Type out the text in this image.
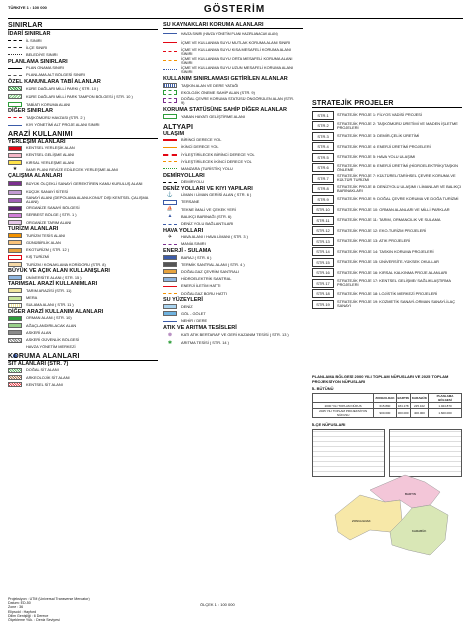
TÜRKİYE 1 : 100 000	GÖSTERİM
SINIRLAR
İDARİ SINIRLAR
İL SINIRI
İLÇE SINIRI
BELEDİYE SINIRI
PLANLAMA SINIRLARI
PLAN ONAMA SINIRI
PLANLAMA ALT BÖLGESİ SINIRI
ÖZEL KANUNLARA TABİ ALANLAR
KÜRE DAĞLARI MİLLİ PARKI ( STR. 10 )
KÜRE DAĞLARI MİLLİ PARK TAMPON BÖLGESİ ( STR. 10 )
TABİATI KORUMA ALANI
DİĞER SINIRLAR
TAŞKÖMÜRÜ HAVZASI (STR. 2 )
KIYI YÖNETİMİ ALT PROJE ALANI SINIRI
ARAZİ KULLANIMI
YERLEŞİM ALANLARI
KENTSEL YERLEŞİK ALAN
KENTSEL GELİŞME ALANI
KIRSAL YERLEŞME ALANI
★	İMAR PLANI REVİZE EDİLECEK YERLEŞME ALANI
ÇALIŞMA ALANLARI
BÜYÜK ÖLÇEKLİ SANAYİ GEREKTİREN KAMU KURULUŞ ALANI
KÜÇÜK SANAYİ SİTESİ
SANAYİ ALANI (DEPOLAMA ALANI-KONUT DIŞI KENTSEL ÇALIŞMA ALANI)
ORGANİZE SANAYİ BÖLGESİ
SERBEST BÖLGE ( STR. 1 )
ORGANİZE TARIM ALANI
TURİZM ALANLARI
TURİZM TESİS ALANI
GÜNÜBİRLİK ALAN
EKOTURİZM ( STR. 12 )
KIŞ TURİZMİ
TURİZM / KONAKLAMA KORİDORU (STR. 8)
BÜYÜK VE AÇIK ALAN KULLANIŞLARI
ÜNİVERSİTE ALANI ( STR. 15 )
TARIMSAL ARAZİ KULLANIMLARI
TARIM ARAZİSİ (STR. 11)
MERA
SULAMA ALANI ( STR. 11 )
DİĞER ARAZİ KULLANIM ALANLARI
ORMAN ALANI ( STR. 10)
AĞAÇLANDIRILACAK ALAN
ASKERİ ALAN
ASKERİ GÜVENLİK BÖLGESİ
HAVZA YÖNETİM MERKEZİ
KORUMA ALANLARI
SİT ALANLARI (STR. 7)
DOĞAL SİT ALANI
ARKEOLOJİK SİT ALANI
KENTSEL SİT ALANI
SU KAYNAKLARI KORUMA ALANLARI
HAVZA SINIRI (HAVZA YÖNETİM PLANI HAZIRLANACAK ALAN)
İÇME VE KULLANMA SUYU MUTLAK KORUMA ALANI SINIRI
İÇME VE KULLANMA SUYU KISA MESAFELİ KORUMA ALANI SINIRI
İÇME VE KULLANMA SUYU ORTA MESAFELİ KORUMA ALANI SINIRI
İÇME VE KULLANMA SUYU UZUN MESAFELİ KORUMA ALANI SINIRI
KULLANIM SINIRLAMASI GETİRİLEN ALANLAR
TAŞKIN ALAN VE DERE YATAĞI
EKOLOJİK ÖNEME SAHİP ALAN (STR. 9)
DOĞAL ÇEVRE KORUMA STATÜSÜ ÖNGÖRÜLEN ALAN (STR. 9)
KORUMA STATÜSÜNE SAHİP DİĞER ALANLAR
YABAN HAYATI GELİŞTİRME ALANI
ALTYAPI
ULAŞIM
BİRİNCİ DERECE YOL
İKİNCİ DERECE YOL
İYİLEŞTİRİLECEK BİRİNCİ DERECE YOL
İYİLEŞTİRİLECEK İKİNCİ DERECE YOL
MANZARA (TURİSTİK) YOLU
DEMİRYOLLARI
DEMİRYOLU
DENİZ YOLLARI VE KIYI YAPILARI
⚓	LİMAN / LİMAN GERİSİ ALAN ( STR. 6 )
TERSANE
⛵	TEKNE İMALİ VE ÇEKEK YERİ
▲	BALIKÇI BARINAĞI (STR. 6)
DENİZ YOLU BAĞLANTILARI
HAVA YOLLARI
✈	HAVA ALANI / HAVA LİMANI ( STR. 3 )
MANİA SINIRI
ENERJİ - SULAMA
BARAJ ( STR. 6 )
TERMİK SANTRAL ALANI ( STR. 4 )
DOĞALGAZ ÇEVRİM SANTRALI
HİDROELEKTRİK SANTRAL
ENERJİ İLETİM HATTI
DOĞALGAZ BORU HATTI
SU YÜZEYLERİ
DENİZ
GÖL - GÖLET
NEHİR / DERE
ATIK VE ARITMA TESİSLERİ
⊗	KATI ATIK BERTARAF VE GERİ KAZANIM TESİSİ ( STR. 13 )
✱	ARITMA TESİSİ ( STR. 14 )
STRATEJİK PROJELER
STR.1	STRATEJİK PROJE 1: FİLYOS VADİSİ PROJESİ
STR.2
STRATEJİK PROJE 2: TAŞKÖMÜRÜ ÜRETİMİ VE MADEN İŞLETME PROJELERİ
STR.3	STRATEJİK PROJE 3: DEMİR-ÇELİK ÜRETİMİ
STR.4	STRATEJİK PROJE 4: ENERJİ ÜRETİMİ PROJELERİ
STR.5	STRATEJİK PROJE 5: HAVA YOLU ULAŞIMI
STR.6
STRATEJİK PROJE 6: ENERJİ ÜRETİMİ (HİDROELEKTRİK)/TAŞKIN ÖNLEME
STR.7
STRATEJİK PROJE 7: KÜLTÜREL/TARİHSEL ÇEVRE KORUMA VE KÜLTÜR TURİZMİ
STR.8
STRATEJİK PROJE 8: DENİZYOLU ULAŞIMI / LİMANLAR VE BALIKÇI BARINAKLARI
STR.9	STRATEJİK PROJE 9: DOĞAL ÇEVRE KORUMA VE DOĞA TURİZMİ
STR.10	STRATEJİK PROJE 10: ORMAN ALANLARI VE MİLLİ PARKLAR
STR.11	STRATEJİK PROJE 11: TARIM, ORMANCILIK VE SULAMA
STR.12	STRATEJİK PROJE 12: EKO-TURİZM PROJELERİ
STR.13	STRATEJİK PROJE 13: ATIK PROJELERİ
STR.14	STRATEJİK PROJE 14: TASKIN KORUMA PROJELERİ
STR.15	STRATEJİK PROJE 15: ÜNİVERSİTE-YÜKSEK OKULLAR
STR.16	STRATEJİK PROJE 16: KIRSAL KALKINMA PROJE ALANLARI
STR.17
STRATEJİK PROJE 17: KENTSEL GELİŞME/ SAĞLIKLAŞTIRMA PROJELERİ
STR.18	STRATEJİK PROJE 18: LOJİSTİK MERKEZİ PROJELERİ
STR.19
STRATEJİK PROJE 19: KOZMETİK SANAYİ-ORMAN SANAYİ-İLAÇ SANAYİ
PLANLAMA BÖLGESİ 2000 YILI TOPLAM NÜFUSLARI VE 2025 TOPLAM PROJEKSİYON NÜFUSLARI
İL BÜTÜNÜ
	ZONGULDAK	BARTIN	KARABÜK	PLANLAMA BÖLGESİ
2000 YILI TOPLAM NÜFUS	615.890	184.178	225.102	1.024.870
2025 YILI TOPLAM PROJEKSİYON NÜFUSU	900.000	300.000	400.000	1.600.000
İLÇE NÜFUSLARI
BARTIN
ZONGULDAK
KARABÜK
Projeksiyon : UTM (Universal Transverse Mercator)
Datum: ED-50
Zone : 36
Elipsoid : Hayford
Dilim Genişliği : 6 Derece
Ölçekleme Yük. : Deniz Seviyesi
ÖLÇEK 1 : 100 000
